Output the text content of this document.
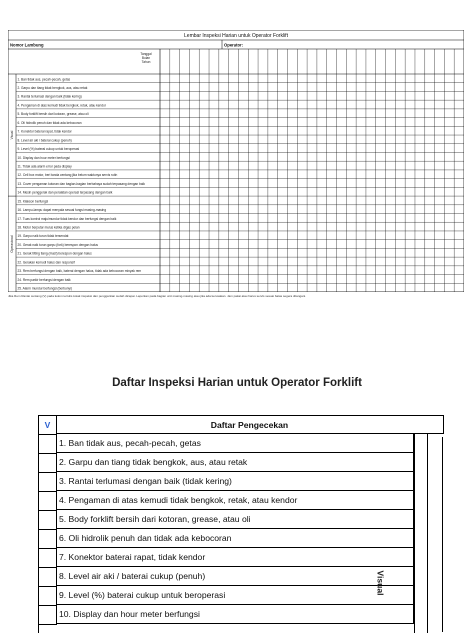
Lembar Inspeksi Harian untuk Operator Forklift
Nomor Lambung	Operator:
Tanggal
Bulan
Tahun
1. Ban tidak aus, pecah-pecah, getas
2. Garpu dan tiang tidak bengkok, aus, atau retak
3. Rantai terlumasi dengan baik (tidak kering)
4. Pengaman di atas kemudi tidak bengkok, retak, atau kendor
5. Body forklift bersih dari kotoran, grease, atau oli
6. Oli hidrolik penuh dan tidak ada kebocoran
7. Konektor baterai rapat, tidak kendor
8. Level air aki / baterai cukup (penuh)
9. Level (%) baterai cukup untuk beroperasi
10. Display dan hour meter berfungsi
11. Tidak ada alarm error pada display
12. Cell box motor, beri tanda centang jika belum waktunya servis rutin
13. Cover pengaman kotoran dan bagian-bagian berbahaya sudah terpasang dengan baik
14. Mesin penggerak dan peralatan operasi terpasang dengan baik
15. Klakson berfungsi
16. Lampu-lampu dapat menyala sesuai fungsi masing-masing
17. Tuas kontrol maju/mundur tidak kendur dan berfungsi dengan baik
18. Motor berputar mulus ketika digas pelan
19. Garpu naik turun tidak tersendat
20. Gerak naik turun garpu (fork) berespon dengan halus
21. Gerak tilting tiang (mast) berespon dengan halus
22. Gerakan kemudi halus dan responsif
23. Rem berfungsi dengan baik, baterai dengan halus, tidak ada kebocoran minyak rem
24. Rem parkir berfungsi dengan baik
25. Alarm mundur berfungsi (berbunyi)
Visual
Operasional
Jika Rem Rantai centang (V) pada kolom tertulis kotak inspeksi dan penggantian sudah dicapai. Laporkan pada bagian unit masing-masing atau jika ada kerusakan. Jam pakai atau harus servis sesuai batas segera ditangani.
Daftar Inspeksi Harian untuk Operator Forklift
V	Daftar Pengecekan
1. Ban tidak aus, pecah-pecah, getas
2. Garpu dan tiang tidak bengkok, aus, atau retak
3. Rantai terlumasi dengan baik (tidak kering)
4. Pengaman di atas kemudi tidak bengkok, retak, atau kendor
5. Body forklift bersih dari kotoran, grease, atau oli
6. Oli hidrolik penuh dan tidak ada kebocoran
7. Konektor baterai rapat, tidak kendor
8. Level air aki / baterai cukup (penuh)
9. Level (%) baterai cukup untuk beroperasi
10. Display dan hour meter berfungsi
Visual
